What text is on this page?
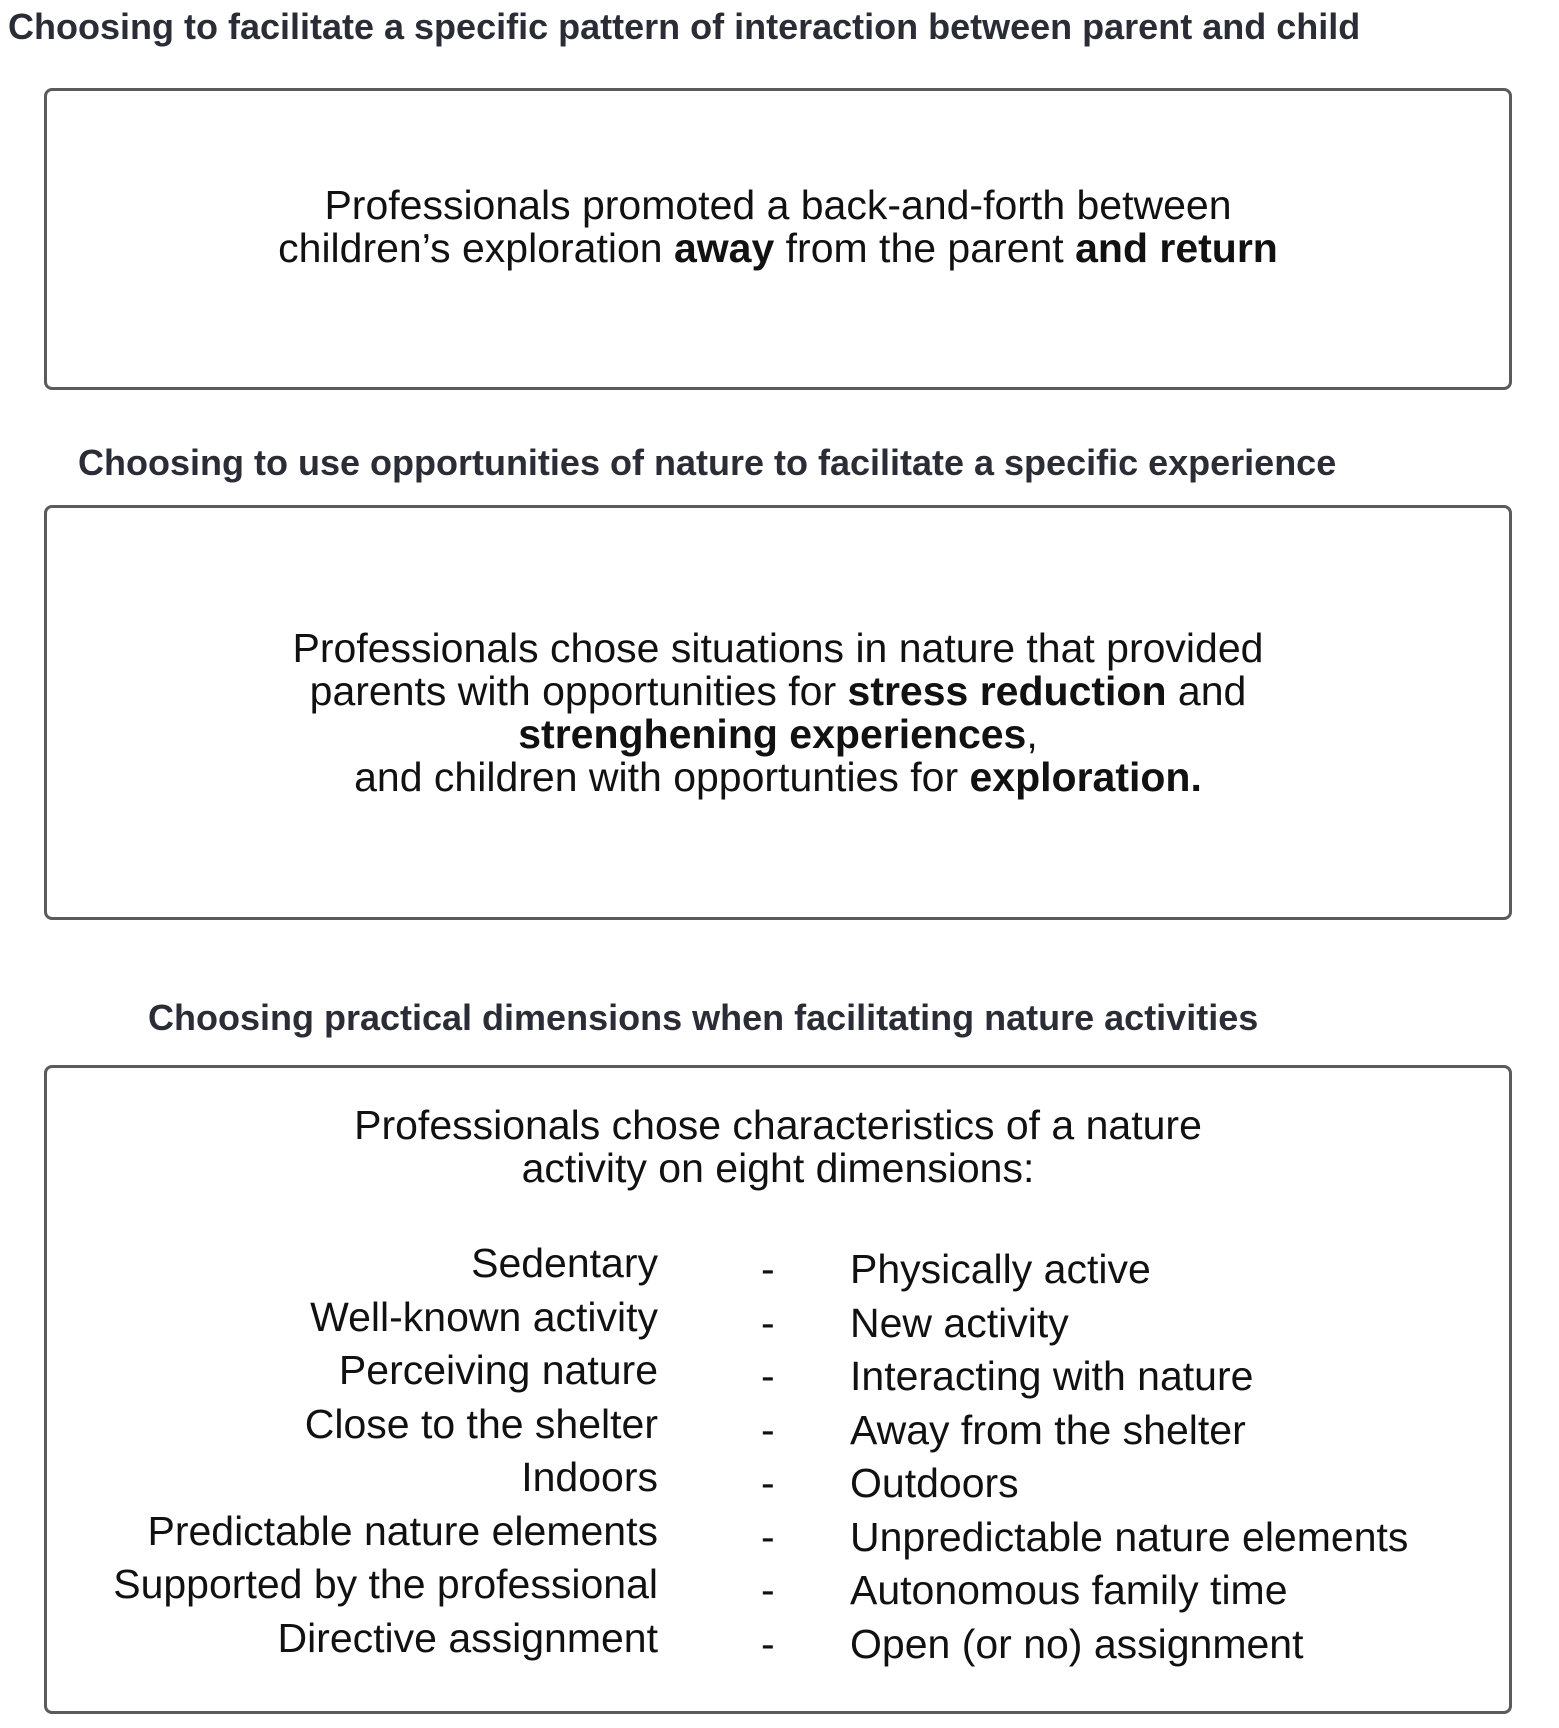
Choosing to facilitate a specific pattern of interaction between parent and child
Professionals promoted a back-and-forth between
children’s exploration away from the parent and return
Choosing to use opportunities of nature to facilitate a specific experience
Professionals chose situations in nature that provided
parents with opportunities for stress reduction and
strenghening experiences,
and children with opportunties for exploration.
Choosing practical dimensions when facilitating nature activities
Professionals chose characteristics of a nature
activity on eight dimensions:
Sedentary	- Physically active
Well-known activity	- New activity
Perceiving nature	- Interacting with nature
Close to the shelter	- Away from the shelter
Indoors	- Outdoors
Predictable nature elements	- Unpredictable nature elements
Supported by the professional	- Autonomous family time
Directive assignment	- Open (or no) assignment
